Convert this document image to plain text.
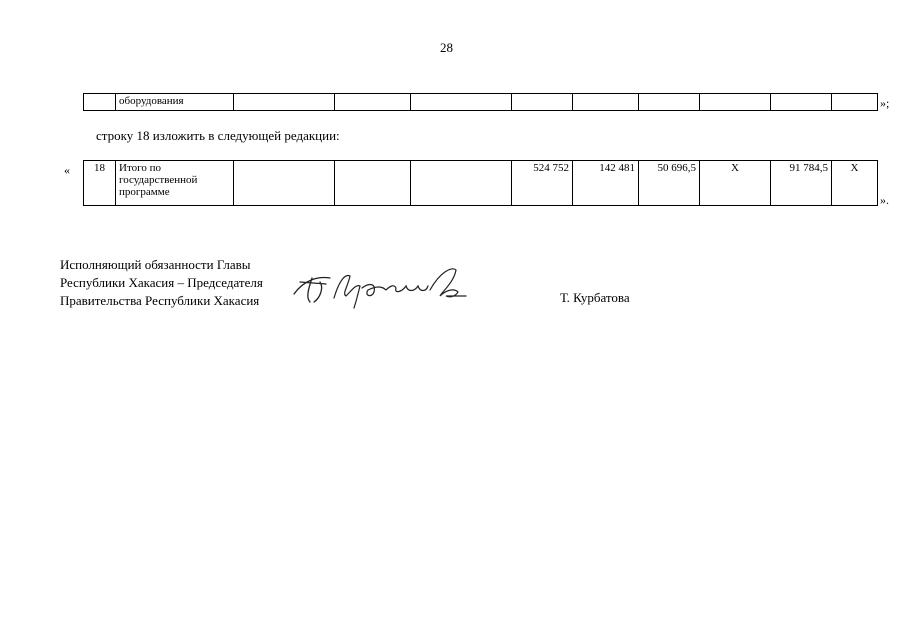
28
	оборудования										»;
строку 18 изложить в следующей редакции:
« 18	Итого по государственной программе				524 752	142 481	50 696,5	X	91 784,5	X
».
Исполняющий обязанности Главы
Республики Хакасия – Председателя
Правительства Республики Хакасия	Т. Курбатова
